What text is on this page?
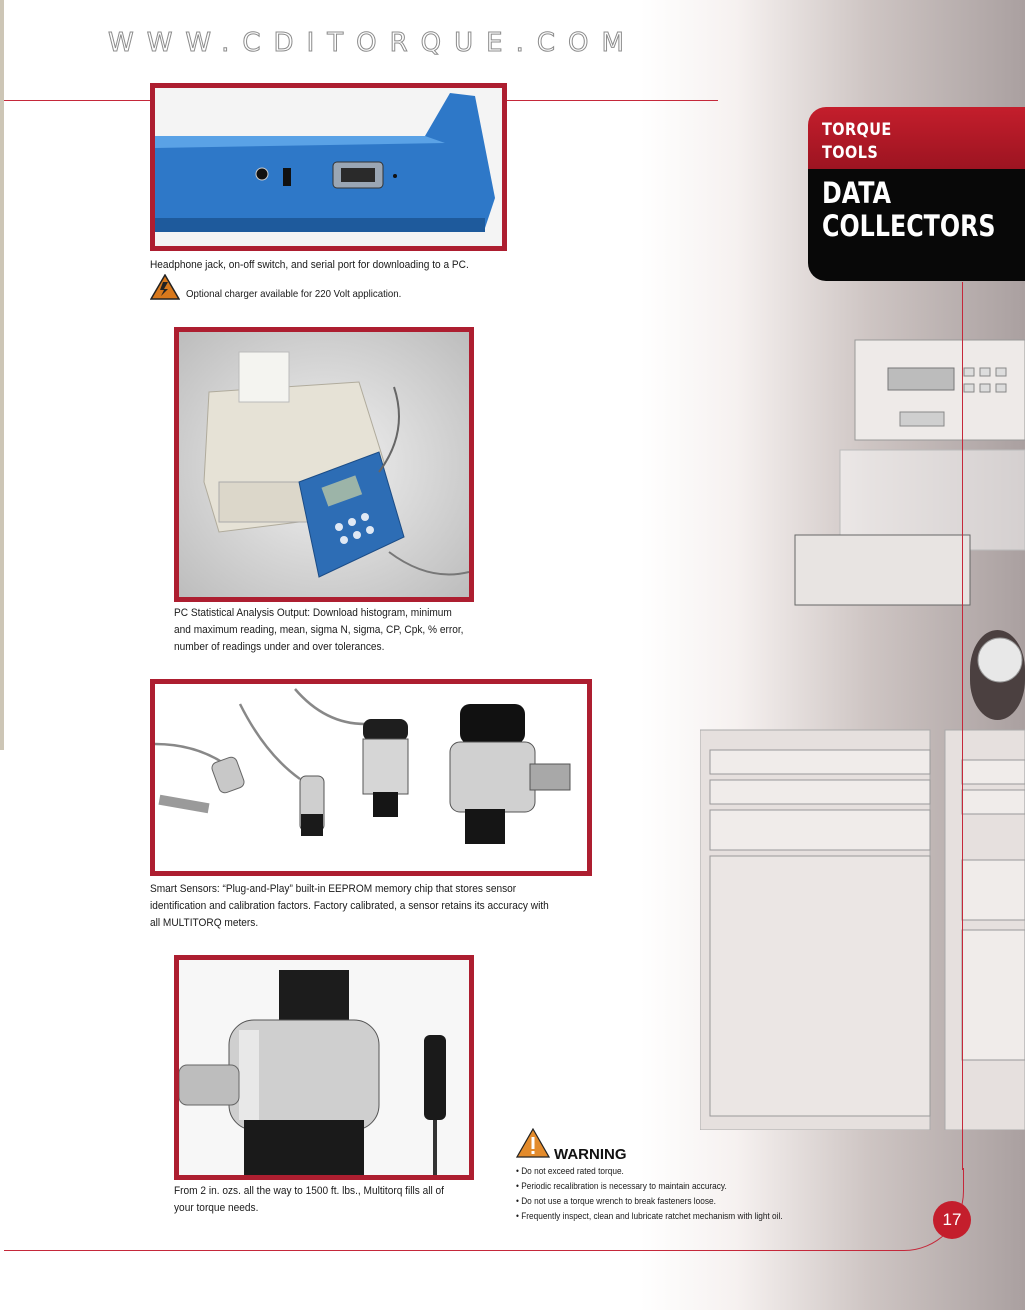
WWW.CDITORQUE.COM
TORQUE
TOOLS
DATA
COLLECTORS
Headphone jack, on-off switch, and serial port for downloading to a PC.
Optional charger available for 220 Volt application.
PC Statistical Analysis Output: Download histogram, minimum and maximum reading, mean, sigma N, sigma, CP, Cpk, % error, number of readings under and over tolerances.
Smart Sensors: “Plug-and-Play” built-in EEPROM memory chip that stores sensor identification and calibration factors. Factory calibrated, a sensor retains its accuracy with all MULTITORQ meters.
From 2 in. ozs. all the way to 1500 ft. lbs., Multitorq fills all of your torque needs.
WARNING
• Do not exceed rated torque.
• Periodic recalibration is necessary to maintain accuracy.
• Do not use a torque wrench to break fasteners loose.
• Frequently inspect, clean and lubricate ratchet mechanism with light oil.	17
